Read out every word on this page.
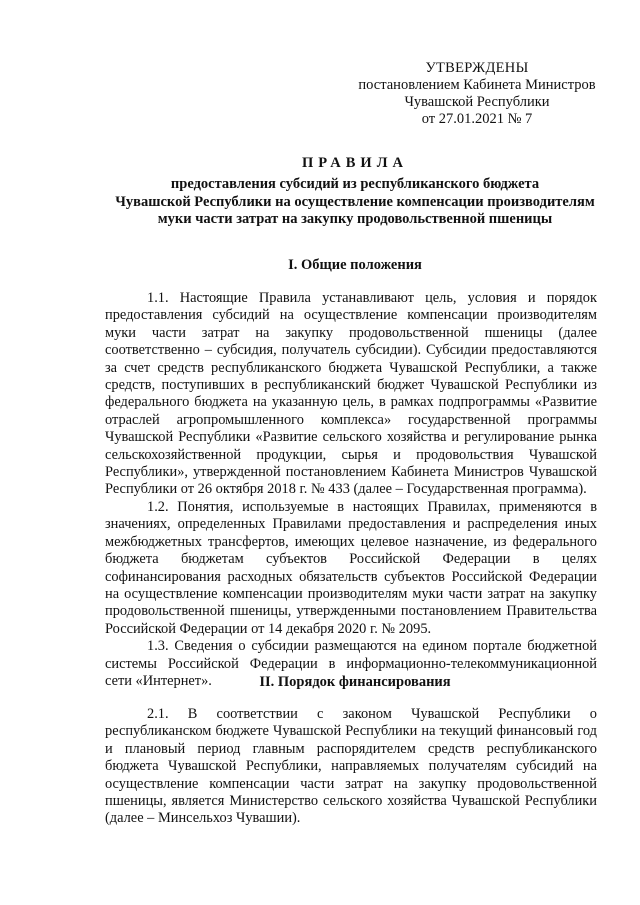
УТВЕРЖДЕНЫ
постановлением Кабинета Министров
Чувашской Республики
от 27.01.2021 № 7
ПРАВИЛА
предоставления субсидий из республиканского бюджета
Чувашской Республики на осуществление компенсации производителям
муки части затрат на закупку продовольственной пшеницы
I. Общие положения

1.1. Настоящие Правила устанавливают цель, условия и порядок предоставления субсидий на осуществление компенсации производителям муки части затрат на закупку продовольственной пшеницы (далее соответственно – субсидия, получатель субсидии). Субсидии предоставляются за счет средств республиканского бюджета Чувашской Республики, а также средств, поступивших в республиканский бюджет Чувашской Республики из федерального бюджета на указанную цель, в рамках подпрограммы «Развитие отраслей агропромышленного комплекса» государственной программы Чувашской Республики «Развитие сельского хозяйства и регулирование рынка сельскохозяйственной продукции, сырья и продовольствия Чувашской Республики», утвержденной постановлением Кабинета Министров Чувашской Республики от 26 октября 2018 г. № 433 (далее – Государственная программа).

1.2. Понятия, используемые в настоящих Правилах, применяются в значениях, определенных Правилами предоставления и распределения иных межбюджетных трансфертов, имеющих целевое назначение, из федерального бюджета бюджетам субъектов Российской Федерации в целях софинансирования расходных обязательств субъектов Российской Федерации на осуществление компенсации производителям муки части затрат на закупку продовольственной пшеницы, утвержденными постановлением Правительства Российской Федерации от 14 декабря 2020 г. № 2095.

1.3. Сведения о субсидии размещаются на едином портале бюджетной системы Российской Федерации в информационно-телекоммуникационной сети «Интернет».	II. Порядок финансирования

2.1. В соответствии с законом Чувашской Республики о республиканском бюджете Чувашской Республики на текущий финансовый год и плановый период главным распорядителем средств республиканского бюджета Чувашской Республики, направляемых получателям субсидий на осуществление компенсации части затрат на закупку продовольственной пшеницы, является Министерство сельского хозяйства Чувашской Республики (далее – Минсельхоз Чувашии).
